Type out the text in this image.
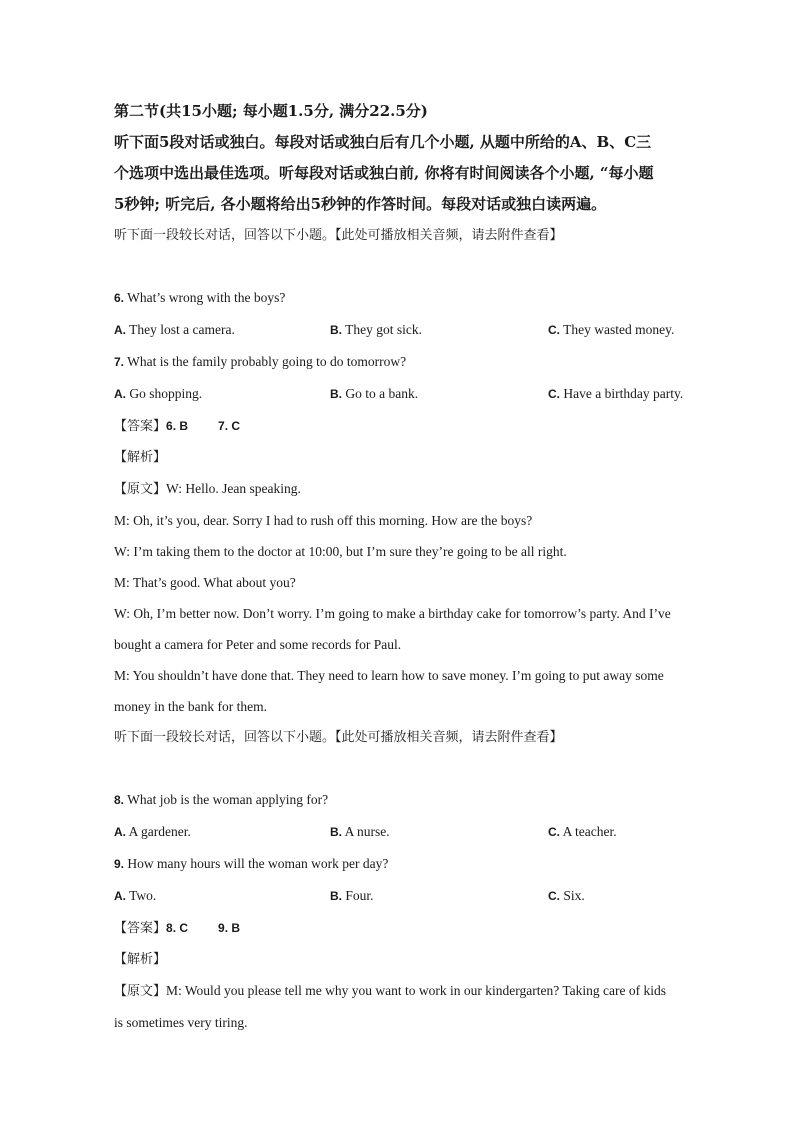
第二节(共15小题; 每小题1.5分, 满分22.5分)
听下面5段对话或独白。每段对话或独白后有几个小题, 从题中所给的A、B、C三
个选项中选出最佳选项。听每段对话或独白前, 你将有时间阅读各个小题, “每小题
5秒钟; 听完后, 各小题将给出5秒钟的作答时间。每段对话或独白读两遍。
听下面一段较长对话，回答以下小题。【此处可播放相关音频，请去附件查看】
6. What’s wrong with the boys?
A. They lost a camera.	B. They got sick.	C. They wasted money.
7. What is the family probably going to do tomorrow?
A. Go shopping.	B. Go to a bank.	C. Have a birthday party.
【答案】6. B	7. C
【解析】
【原文】W: Hello. Jean speaking.
M: Oh, it’s you, dear. Sorry I had to rush off this morning. How are the boys?
W: I’m taking them to the doctor at 10:00, but I’m sure they’re going to be all right.
M: That’s good. What about you?
W: Oh, I’m better now. Don’t worry. I’m going to make a birthday cake for tomorrow’s party. And I’ve
bought a camera for Peter and some records for Paul.
M: You shouldn’t have done that. They need to learn how to save money. I’m going to put away some
money in the bank for them.
听下面一段较长对话，回答以下小题。【此处可播放相关音频，请去附件查看】
8. What job is the woman applying for?
A. A gardener.	B. A nurse.	C. A teacher.
9. How many hours will the woman work per day?
A. Two.	B. Four.	C. Six.
【答案】8. C	9. B
【解析】
【原文】M: Would you please tell me why you want to work in our kindergarten? Taking care of kids
is sometimes very tiring.
